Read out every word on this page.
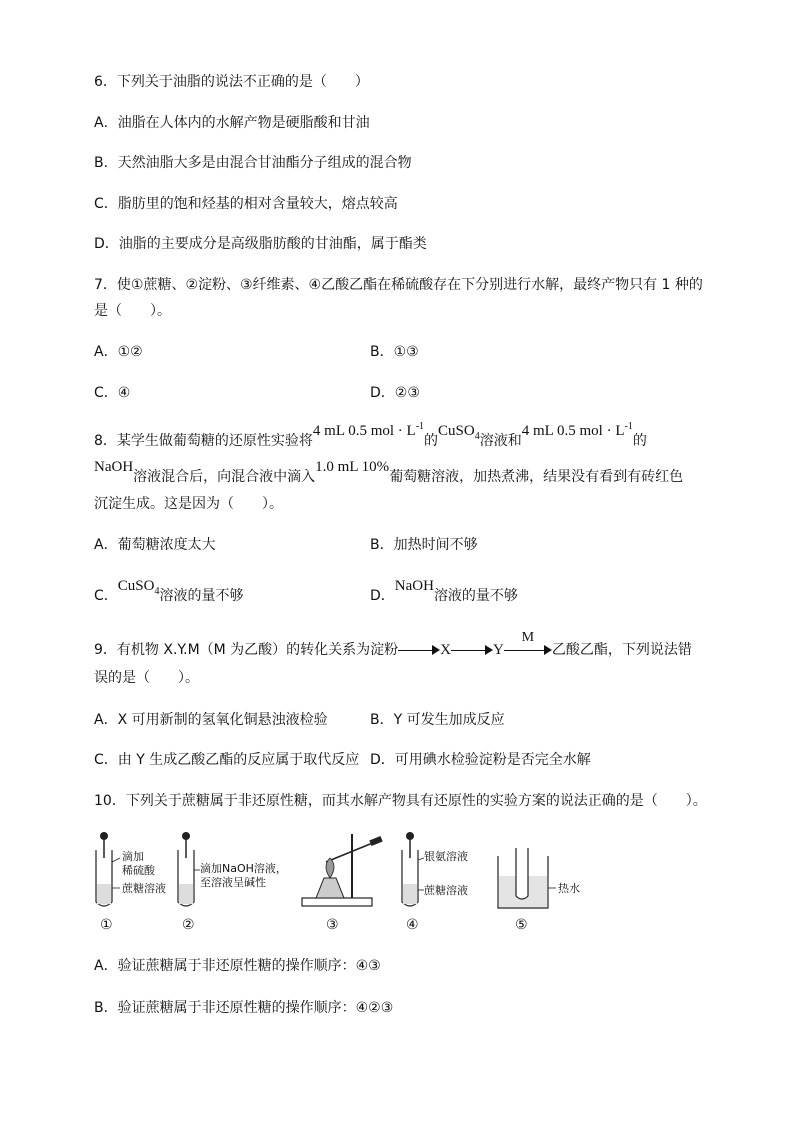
6．下列关于油脂的说法不正确的是（　　）
A．油脂在人体内的水解产物是硬脂酸和甘油
B．天然油脂大多是由混合甘油酯分子组成的混合物
C．脂肪里的饱和烃基的相对含量较大，熔点较高
D．油脂的主要成分是高级脂肪酸的甘油酯，属于酯类
7．使①蔗糖、②淀粉、③纤维素、④乙酸乙酯在稀硫酸存在下分别进行水解，最终产物只有 1 种的
是（　　）。
A．①②	B．①③
C．④	D．②③
8．某学生做葡萄糖的还原性实验将4 mL 0.5 mol · $L^{-1}$的CuSO$_4$溶液和4 mL 0.5 mol · $L^{-1}$的
NaOH溶液混合后，向混合液中滴入1.0 mL 10%葡萄糖溶液，加热煮沸，结果没有看到有砖红色
沉淀生成。这是因为（　　）。
A．葡萄糖浓度太大	B．加热时间不够
C．CuSO$^4$溶液的量不够	D．NaOH溶液的量不够
9．有机物 X.Y.M（M 为乙酸）的转化关系为淀粉	X	Y
M
乙酸乙酯，下列说法错
误的是（　　）。
A．X 可用新制的氢氧化铜悬浊液检验	B．Y 可发生加成反应
C．由 Y 生成乙酸乙酯的反应属于取代反应 D．可用碘水检验淀粉是否完全水解
10．下列关于蔗糖属于非还原性糖，而其水解产物具有还原性的实验方案的说法正确的是（　　）。
滴加
稀硫酸
蔗糖溶液
①
滴加NaOH溶液，
至溶液呈碱性
②	③
银氨溶液
蔗糖溶液
④
热水
⑤
A．验证蔗糖属于非还原性糖的操作顺序：④③
B．验证蔗糖属于非还原性糖的操作顺序：④②③
